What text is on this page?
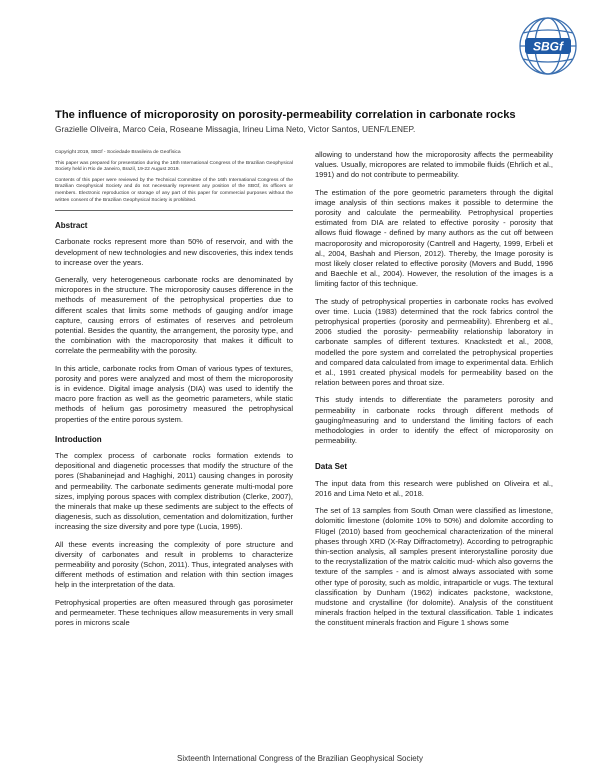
SBGf
The influence of microporosity on porosity-permeability correlation in carbonate rocks
Grazielle Oliveira, Marco Ceia, Roseane Missagia, Irineu Lima Neto, Victor Santos, UENF/LENEP.

Copyright 2019, SBGf - Sociedade Brasileira de Geofísica

This paper was prepared for presentation during the 16th International Congress of the Brazilian Geophysical Society held in Rio de Janeiro, Brazil, 19-22 August 2019.

Contents of this paper were reviewed by the Technical Committee of the 16th International Congress of the Brazilian Geophysical Society and do not necessarily represent any position of the SBGf, its officers or members. Electronic reproduction or storage of any part of this paper for commercial purposes without the written consent of the Brazilian Geophysical Society is prohibited.

Abstract

Carbonate rocks represent more than 50% of reservoir, and with the development of new technologies and new discoveries, this index tends to increase over the years.

Generally, very heterogeneous carbonate rocks are denominated by micropores in the structure. The microporosity causes difference in the methods of measurement of the petrophysical properties due to different scales that limits some methods of gauging and/or image capture, causing errors of estimates of reserves and petroleum potential. Besides the quantity, the arrangement, the porosity type, and the combination with the macroporosity that makes it difficult to correlate the permeability with the porosity.

In this article, carbonate rocks from Oman of various types of textures, porosity and pores were analyzed and most of them the microporosity is in evidence. Digital image analysis (DIA) was used to identify the macro pore fraction as well as the geometric parameters, while static methods of helium gas porosimetry measured the petrophysical properties of the entire porous system.

Introduction

The complex process of carbonate rocks formation extends to depositional and diagenetic processes that modify the structure of the pores (Shabaninejad and Haghighi, 2011) causing changes in porosity and permeability. The carbonate sediments generate multi-modal pore sizes, implying porous spaces with complex distribution (Clerke, 2007), the minerals that make up these sediments are subject to the effects of diagenesis, such as dissolution, cementation and dolomitization, further increasing the size diversity and pore type (Lucia, 1995).

All these events increasing the complexity of pore structure and diversity of carbonates and result in problems to characterize permeability and porosity (Schon, 2011). Thus, integrated analyses with different methods of estimation and relation with thin section images help in the interpretation of the data.

Petrophysical properties are often measured through gas porosimeter and permeameter. These techniques allow measurements in very small pores in microns scale

allowing to understand how the microporosity affects the permeability values. Usually, micropores are related to immobile fluids (Ehrlich et al., 1991) and do not contribute to permeability.

The estimation of the pore geometric parameters through the digital image analysis of thin sections makes it possible to determine the porosity and calculate the permeability. Petrophysical properties estimated from DIA are related to effective porosity - porosity that allows fluid flowage - defined by many authors as the cut off between macroporosity and microporosity (Cantrell and Hagerty, 1999, Erbeli et al., 2004, Bashah and Pierson, 2012). Thereby, the Image porosity is most likely closer related to effective porosity (Movers and Budd, 1996 and Baechle et al., 2004). However, the resolution of the images is a limiting factor of this technique.

The study of petrophysical properties in carbonate rocks has evolved over time. Lucia (1983) determined that the rock fabrics control the petrophysical properties (porosity and permeability). Ehrenberg et al., 2006 studied the porosity- permeability relationship laboratory in carbonate samples of different textures. Knackstedt et al., 2008, modelled the pore system and correlated the petrophysical properties and compared data calculated from image to experimental data. Erhlich et al., 1991 created physical models for permeability based on the relation between pores and throat size.

This study intends to differentiate the parameters porosity and permeability in carbonate rocks through different methods of gauging/measuring and to understand the limiting factors of each methodologies in order to identify the effect of microporosity on permeability.

Data Set

The input data from this research were published on Oliveira et al., 2016 and Lima Neto et al., 2018.

The set of 13 samples from South Oman were classified as limestone, dolomitic limestone (dolomite 10% to 50%) and dolomite according to Flügel (2010) based from geochemical characterization of the mineral phases through XRD (X-Ray Diffractometry). According to petrographic thin-section analysis, all samples present interorystalline porosity due to the recrystallization of the matrix calcitic mud- which also governs the texture of the samples - and is almost always associated with some other type of porosity, such as moldic, intraparticle or vugs. The textural classification by Dunham (1962) indicates packstone, wackstone, mudstone and crystalline (for dolomite). Analysis of the constituent minerals fraction helped in the textural classification. Table 1 indicates the constituent minerals fraction and Figure 1 shows some

Sixteenth International Congress of the Brazilian Geophysical Society
